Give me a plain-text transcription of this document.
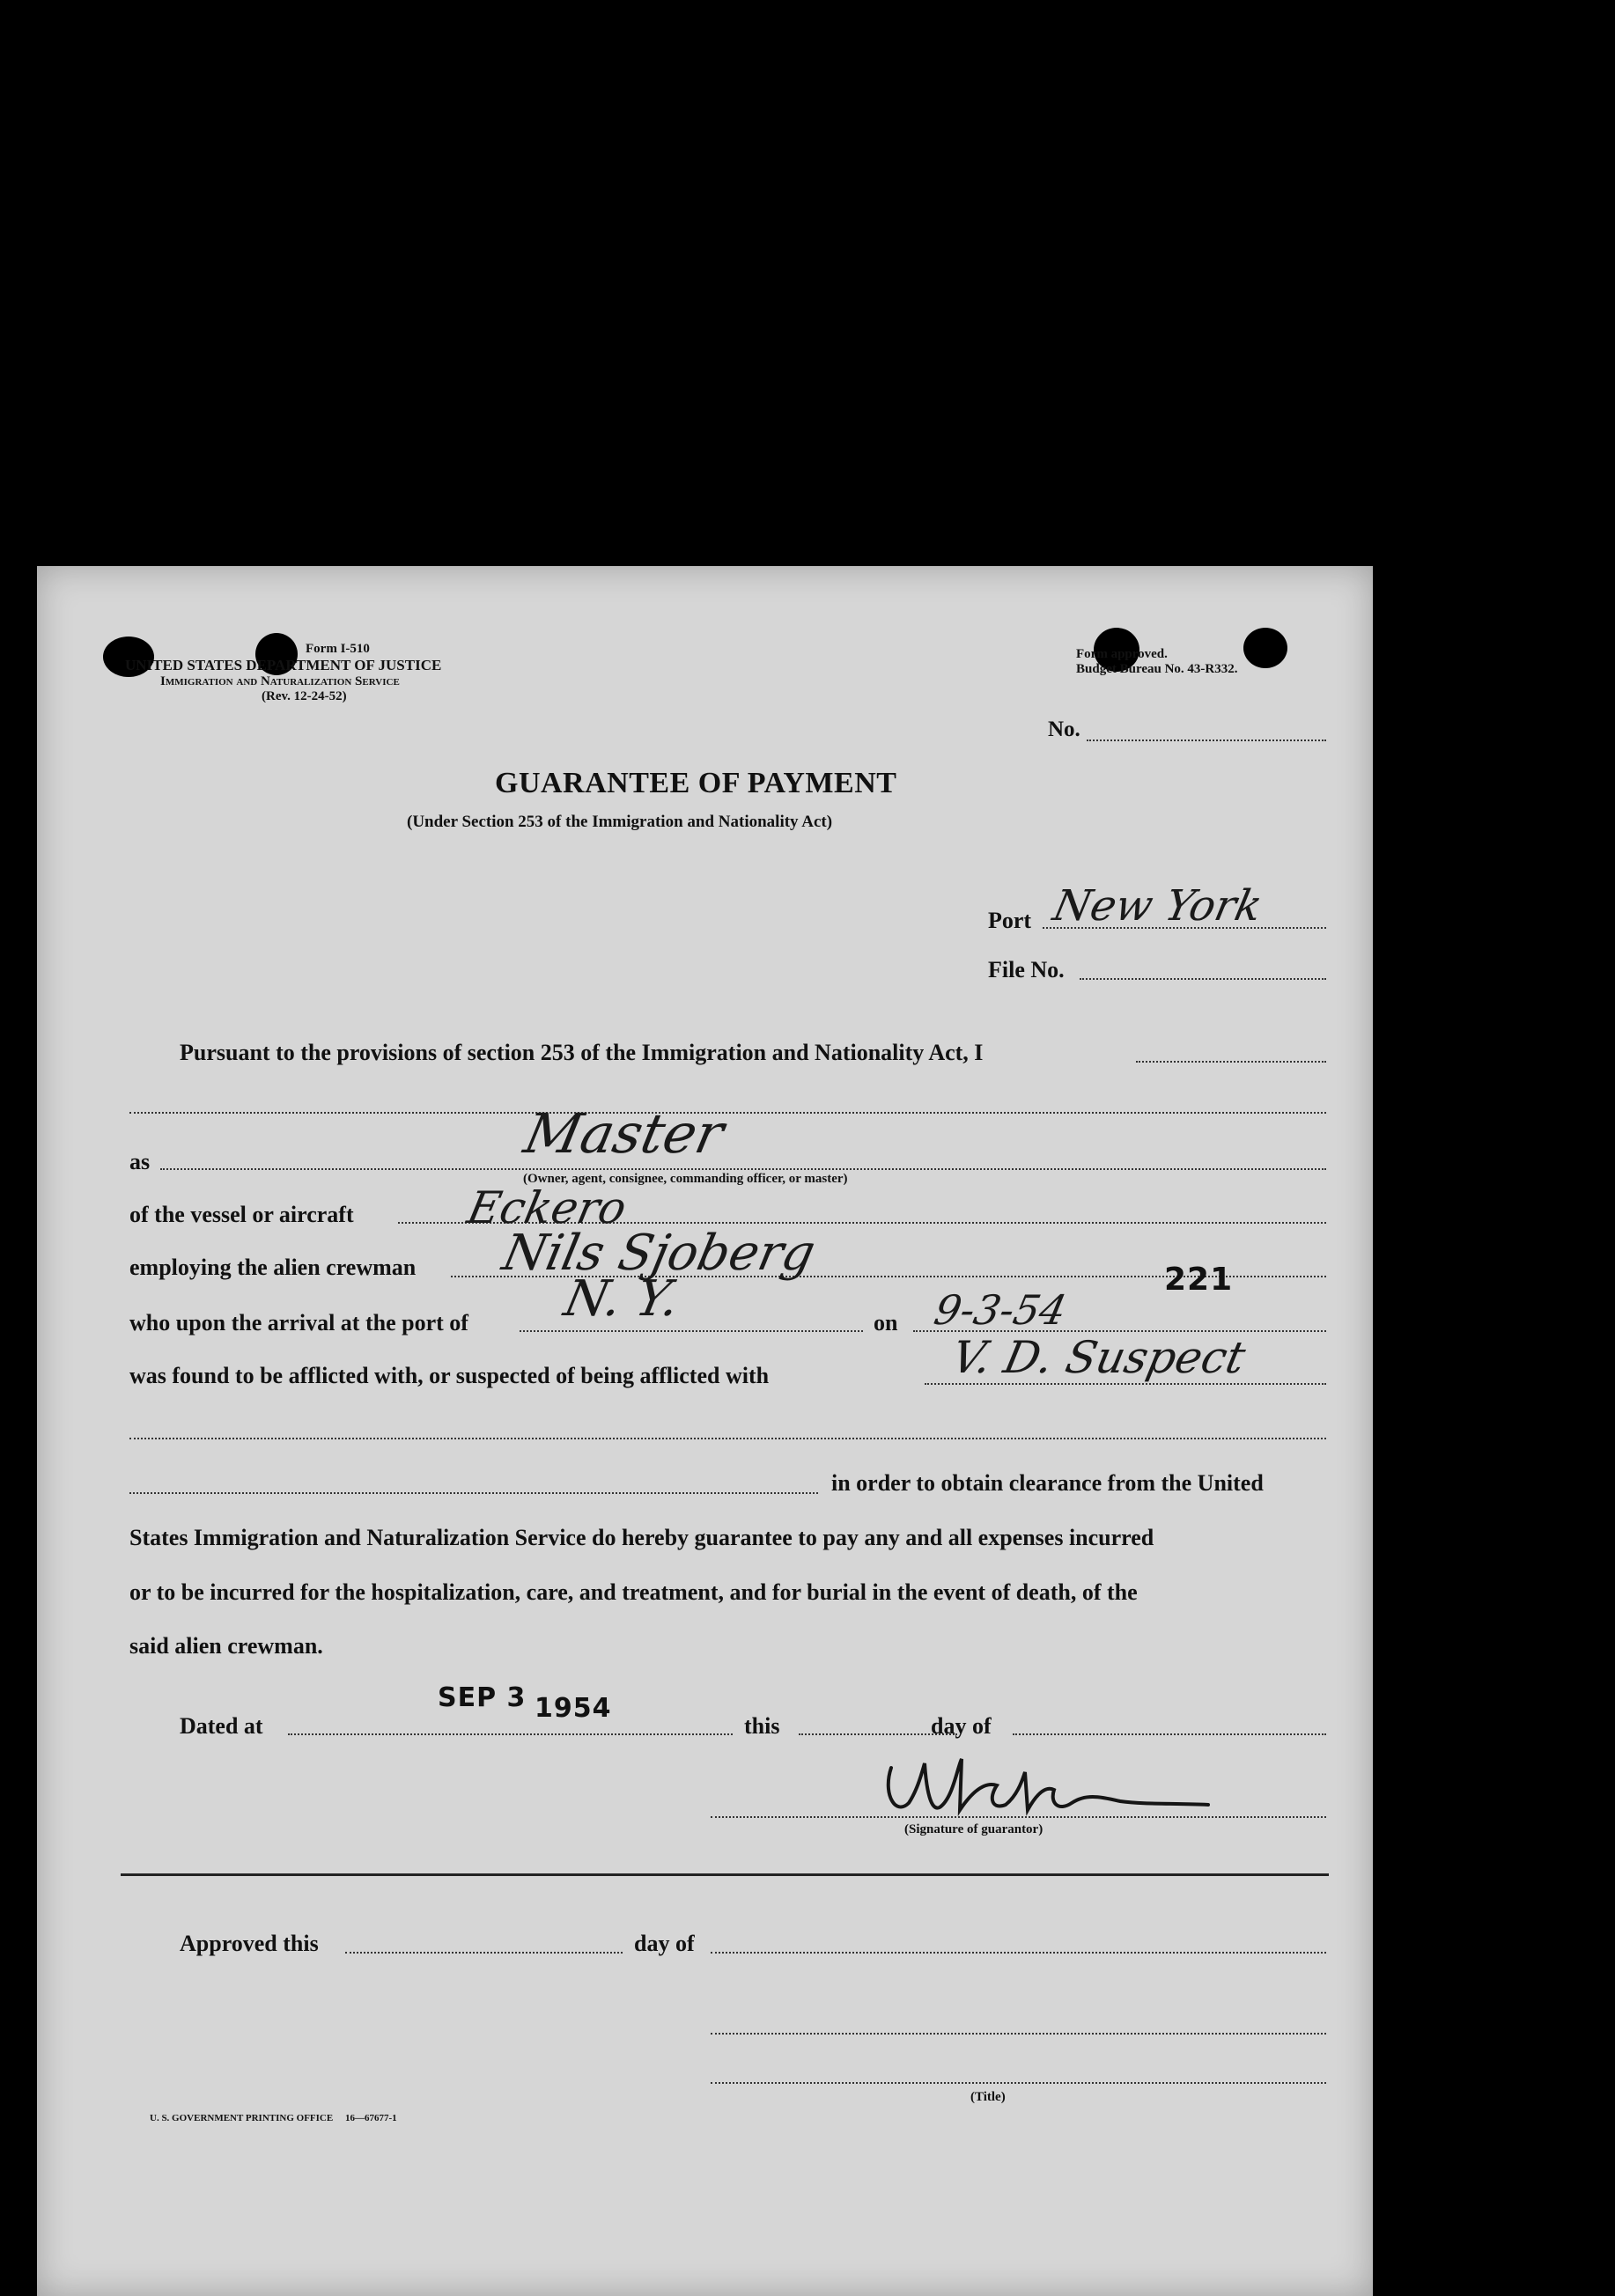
Form I-510
UNITED STATES DEPARTMENT OF JUSTICE
Immigration and Naturalization Service
(Rev. 12-24-52)
Form approved.
Budget Bureau No. 43-R332.
No.
GUARANTEE OF PAYMENT
(Under Section 253 of the Immigration and Nationality Act)
Port New York
File No.
Pursuant to the provisions of section 253 of the Immigration and Nationality Act, I
as	Master
(Owner, agent, consignee, commanding officer, or master)
of the vessel or aircraft Eckero
employing the alien crewman Nils Sjoberg	221
who upon the arrival at the port of N. Y.	on 9-3-54
was found to be afflicted with, or suspected of being afflicted with	V. D. Suspect
in order to obtain clearance from the United
States Immigration and Naturalization Service do hereby guarantee to pay any and all expenses incurred
or to be incurred for the hospitalization, care, and treatment, and for burial in the event of death, of the
said alien crewman.
Dated at
SEP 3 1954
this	day of
(Signature of guarantor)
Approved this	day of
(Title)
U. S. GOVERNMENT PRINTING OFFICE     16—67677-1
